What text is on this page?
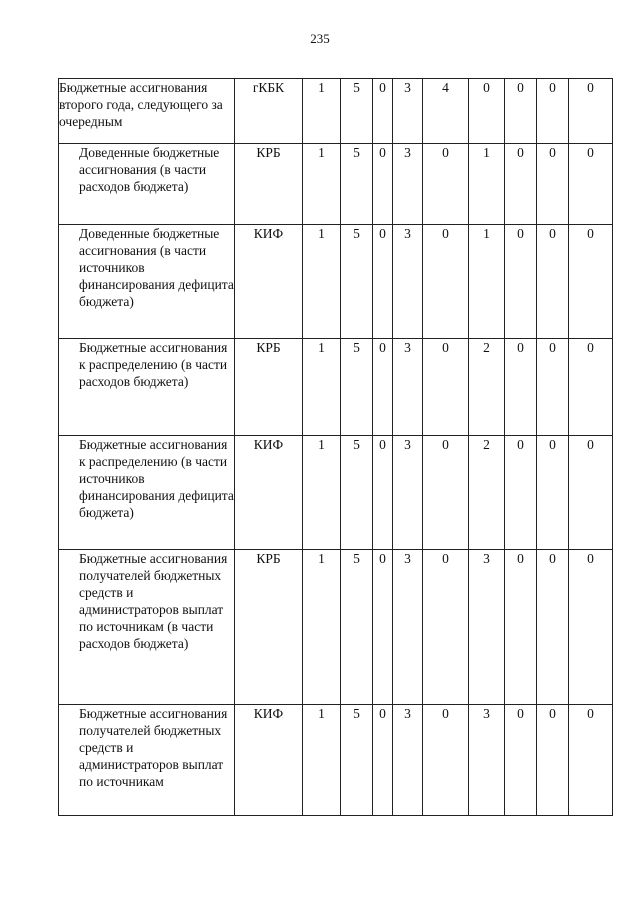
235
Бюджетные ассигнования второго года, следующего за очередным	гКБК	1	5	0	3	4	0	0	0	0
Доведенные бюджетные ассигнования (в части расходов бюджета)	КРБ	1	5	0	3	0	1	0	0	0
Доведенные бюджетные ассигнования (в части источников финансирования дефицита бюджета)	КИФ	1	5	0	3	0	1	0	0	0
Бюджетные ассигнования к распределению (в части расходов бюджета)	КРБ	1	5	0	3	0	2	0	0	0
Бюджетные ассигнования к распределению (в части источников финансирования дефицита бюджета)	КИФ	1	5	0	3	0	2	0	0	0
Бюджетные ассигнования получателей бюджетных средств и администраторов выплат по источникам (в части расходов бюджета)	КРБ	1	5	0	3	0	3	0	0	0
Бюджетные ассигнования получателей бюджетных средств и администраторов выплат по источникам	КИФ	1	5	0	3	0	3	0	0	0
